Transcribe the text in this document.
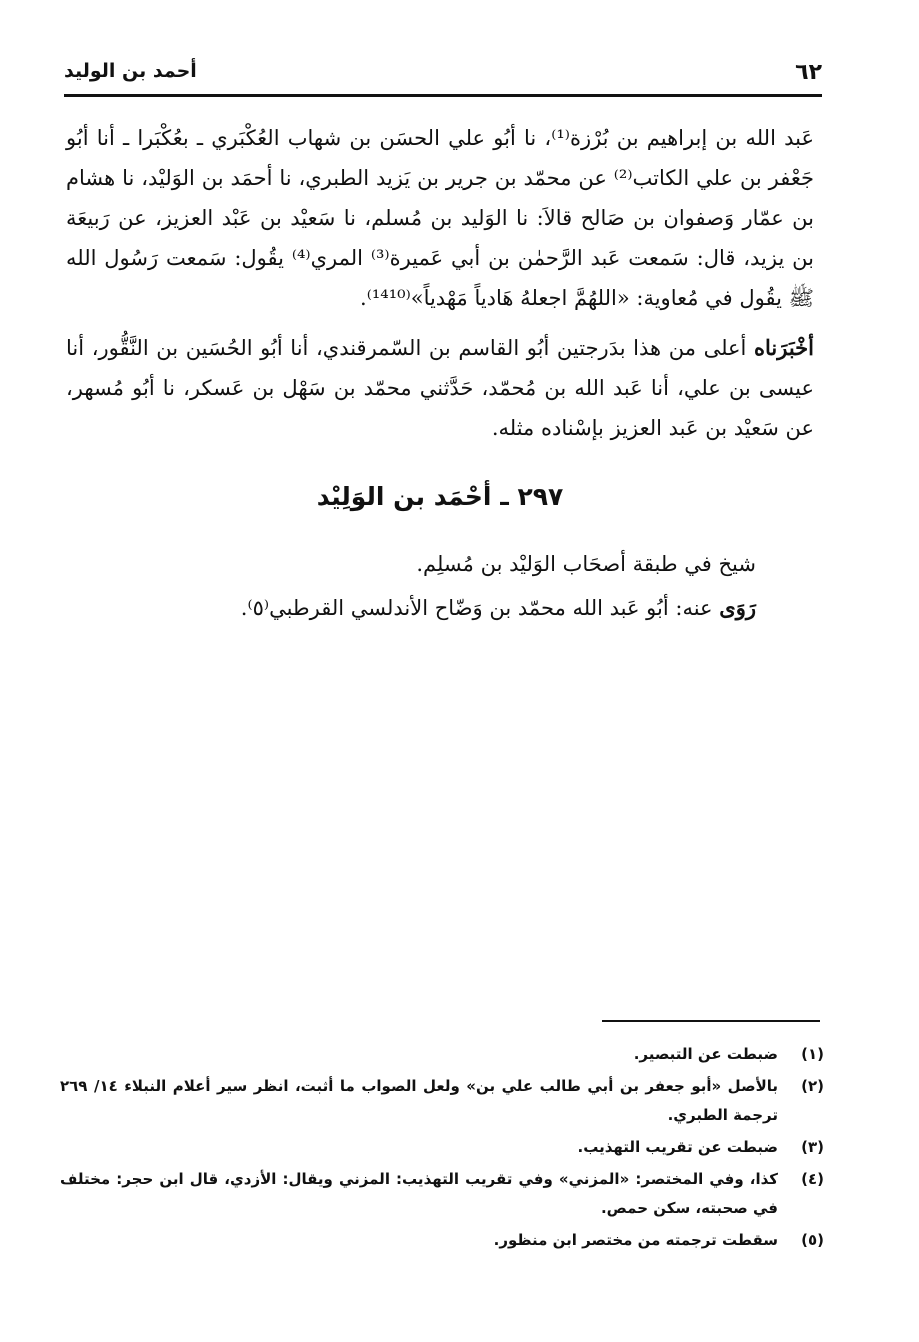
٦٢
أحمد بن الوليد

عَبد الله بن إبراهيم بن بُرْزة⁽¹⁾، نا أبُو علي الحسَن بن شهاب العُكْبَري ـ بعُكْبَرا ـ أنا أبُو جَعْفر بن علي الكاتب⁽²⁾ عن محمّد بن جرير بن يَزيد الطبري، نا أحمَد بن الوَليْد، نا هشام بن عمّار وَصفوان بن صَالح قالاَ: نا الوَليد بن مُسلم، نا سَعيْد بن عَبْد العزيز، عن رَبيعَة بن يزيد، قال: سَمعت عَبد الرَّحمٰن بن أبي عَميرة⁽³⁾ المري⁽⁴⁾ يقُول: سَمعت رَسُول الله ﷺ يقُول في مُعاوية: «اللهُمَّ اجعلهُ هَادياً مَهْدياً»⁽¹⁴¹⁰⁾.

أخْبَرَناه أعلى من هذا بدَرجتين أبُو القاسم بن السّمرقندي، أنا أبُو الحُسَين بن النَّقُّور، أنا عيسى بن علي، أنا عَبد الله بن مُحمّد، حَدَّثني محمّد بن سَهْل بن عَسكر، نا أبُو مُسهر، عن سَعيْد بن عَبد العزيز بإسْناده مثله.

٢٩٧ ـ أحْمَد بن الوَلِيْد

شيخ في طبقة أصحَاب الوَليْد بن مُسلِم.

رَوَى عنه: أبُو عَبد الله محمّد بن وَضّاح الأندلسي القرطبي⁽٥⁾.

(١)
ضبطت عن التبصير.
(٢)
بالأصل «أبو جعفر بن أبي طالب علي بن» ولعل الصواب ما أثبت، انظر سير أعلام النبلاء ١٤/ ٢٦٩ ترجمة الطبري.
(٣)
ضبطت عن تقريب التهذيب.
(٤)
كذا، وفي المختصر: «المزني» وفي تقريب التهذيب: المزني ويقال: الأزدي، قال ابن حجر: مختلف في صحبته، سكن حمص.
(٥)
سقطت ترجمته من مختصر ابن منظور.
